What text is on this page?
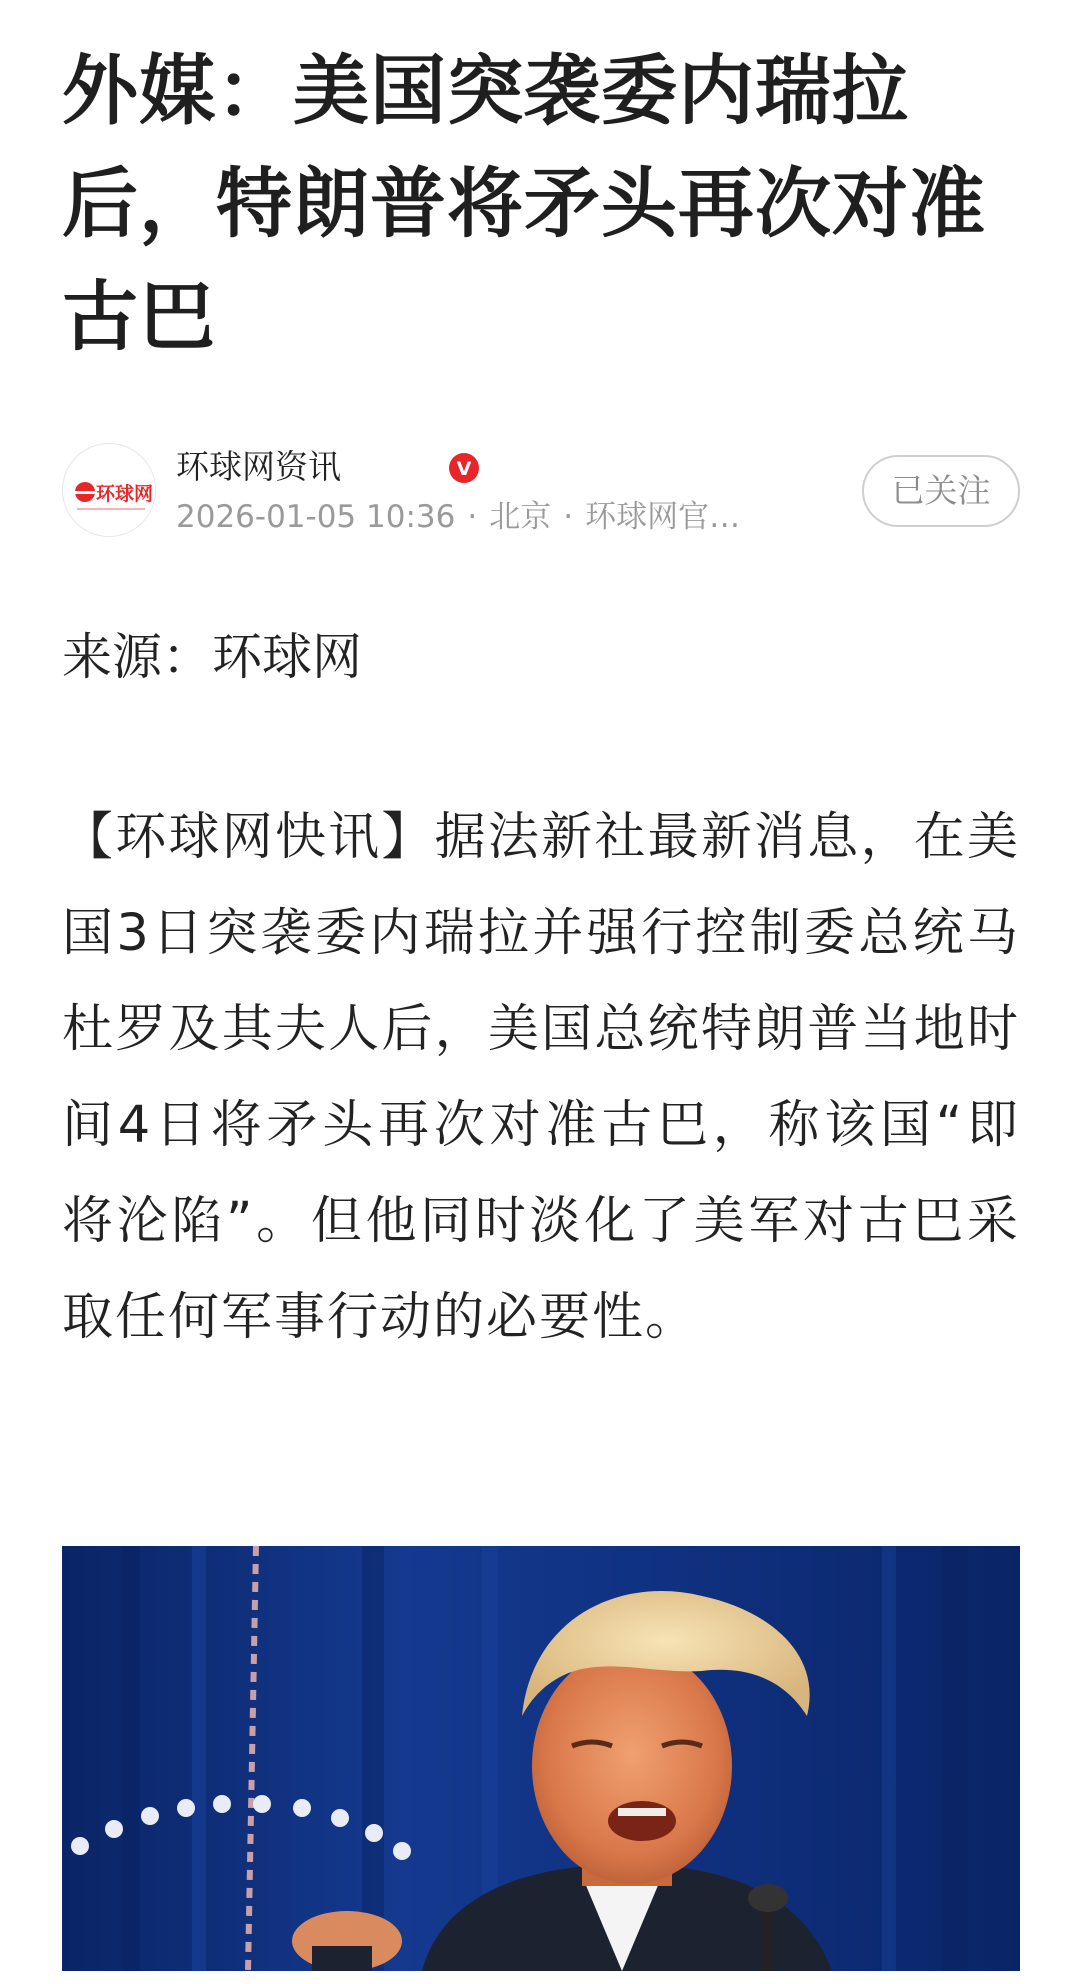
外媒：美国突袭委内瑞拉后，特朗普将矛头再次对准古巴
环球网
环球网资讯	V
2026-01-05 10:36 · 北京 · 环球网官…
已关注
来源：环球网

【环球网快讯】据法新社最新消息，在美国3日突袭委内瑞拉并强行控制委总统马杜罗及其夫人后，美国总统特朗普当地时间4日将矛头再次对准古巴，称该国“即将沦陷”。但他同时淡化了美军对古巴采取任何军事行动的必要性。
